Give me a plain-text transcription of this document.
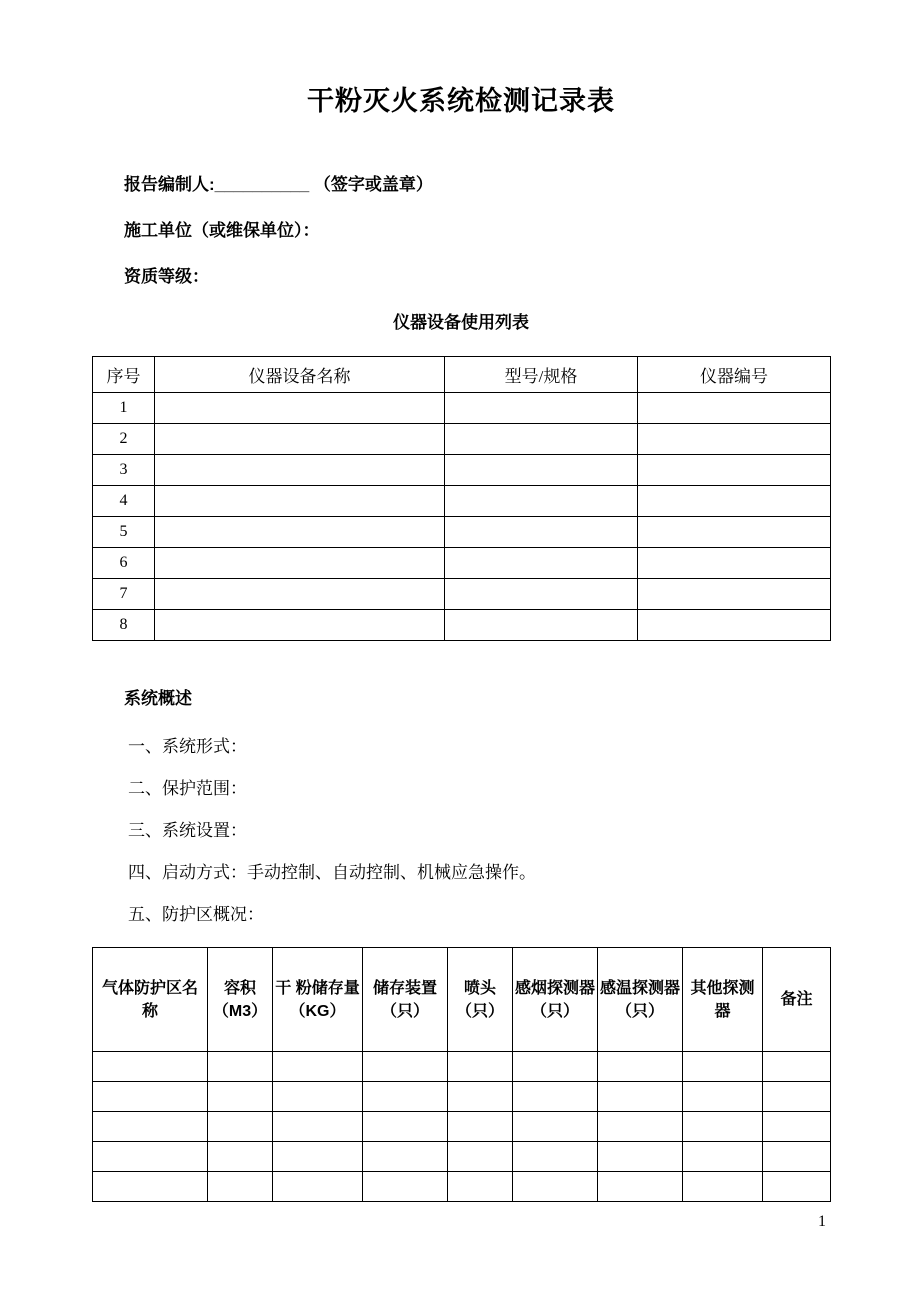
干粉灭火系统检测记录表
报告编制人:__________ （签字或盖章）
施工单位（或维保单位）：
资质等级：
仪器设备使用列表
序号	仪器设备名称	型号/规格	仪器编号
1			
2			
3			
4			
5			
6			
7			
8			
系统概述
一、系统形式：
二、保护范围：
三、系统设置：
四、启动方式：手动控制、自动控制、机械应急操作。
五、防护区概况：
气体防护区名称	容积（M3）	干 粉储存量（KG）	储存装置（只）	喷头（只）	感烟探测器（只）	感温探测器（只）	其他探测器	备注

1
